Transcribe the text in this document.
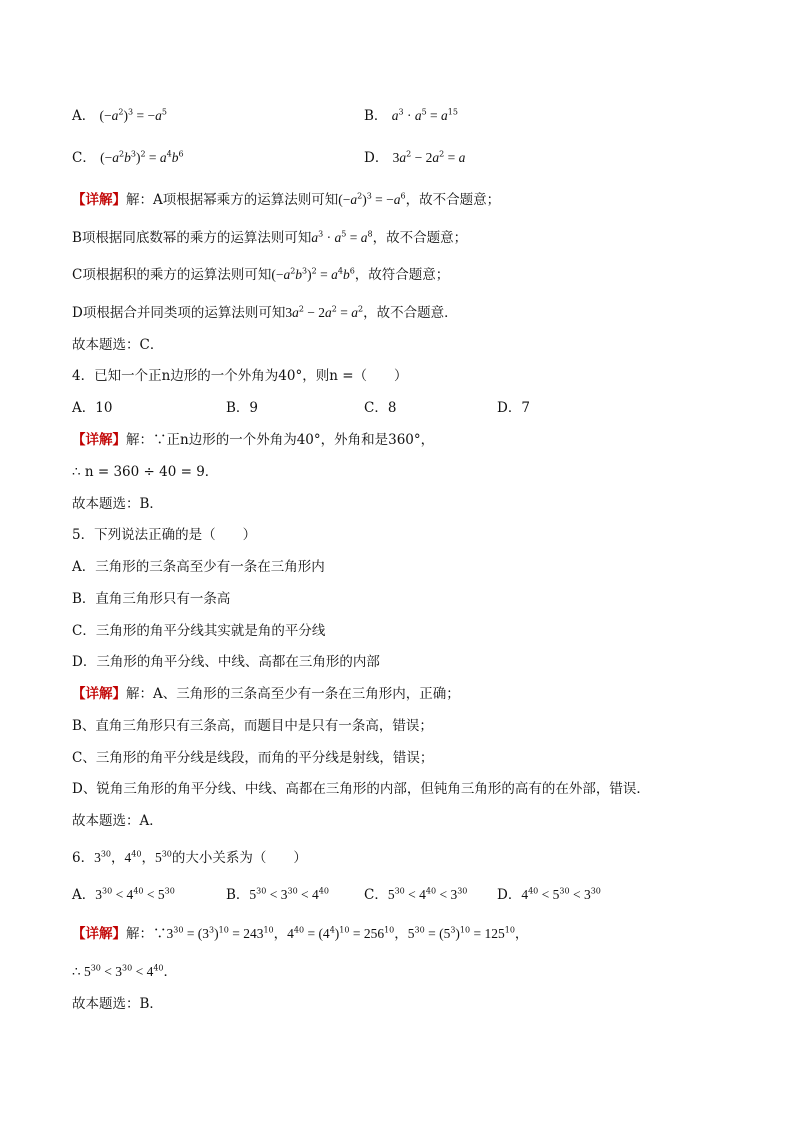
A． $(-a^2)^3 = -a^5$	B． $a^3 \cdot a^5 = a^{15}$
C． $(-a^2b^3)^2 = a^4b^6$	D． $3a^2 - 2a^2 = a$
【详解】解：A项根据幂乘方的运算法则可知$(-a^2)^3 = -a^6$，故不合题意；
B项根据同底数幂的乘方的运算法则可知$a^3 \cdot a^5 = a^8$，故不合题意；
C项根据积的乘方的运算法则可知$(-a^2b^3)^2 = a^4b^6$，故符合题意；
D项根据合并同类项的运算法则可知$3a^2 - 2a^2 = a^2$，故不合题意．
故本题选：C．
4．已知一个正n边形的一个外角为40°，则n =（　　）
A．10	B．9	C．8	D．7
【详解】解：∵正n边形的一个外角为40°，外角和是360°，
∴ n = 360 ÷ 40 = 9．
故本题选：B．
5．下列说法正确的是（　　）
A．三角形的三条高至少有一条在三角形内
B．直角三角形只有一条高
C．三角形的角平分线其实就是角的平分线
D．三角形的角平分线、中线、高都在三角形的内部
【详解】解：A、三角形的三条高至少有一条在三角形内，正确；
B、直角三角形只有三条高，而题目中是只有一条高，错误；
C、三角形的角平分线是线段，而角的平分线是射线，错误；
D、锐角三角形的角平分线、中线、高都在三角形的内部，但钝角三角形的高有的在外部，错误．
故本题选：A．
6．$3^{30}$，$4^{40}$，$5^{30}$的大小关系为（　　）
A．$3^{30} < 4^{40} < 5^{30}$	B．$5^{30} < 3^{30} < 4^{40}$	C．$5^{30} < 4^{40} < 3^{30}$ D．$4^{40} < 5^{30} < 3^{30}$
【详解】解：$\because 3^{30} = (3^3)^{10} = 243^{10}$，$4^{40} = (4^4)^{10} = 256^{10}$，$5^{30} = (5^3)^{10} = 125^{10}$，
∴ $5^{30} < 3^{30} < 4^{40}$．
故本题选：B．
